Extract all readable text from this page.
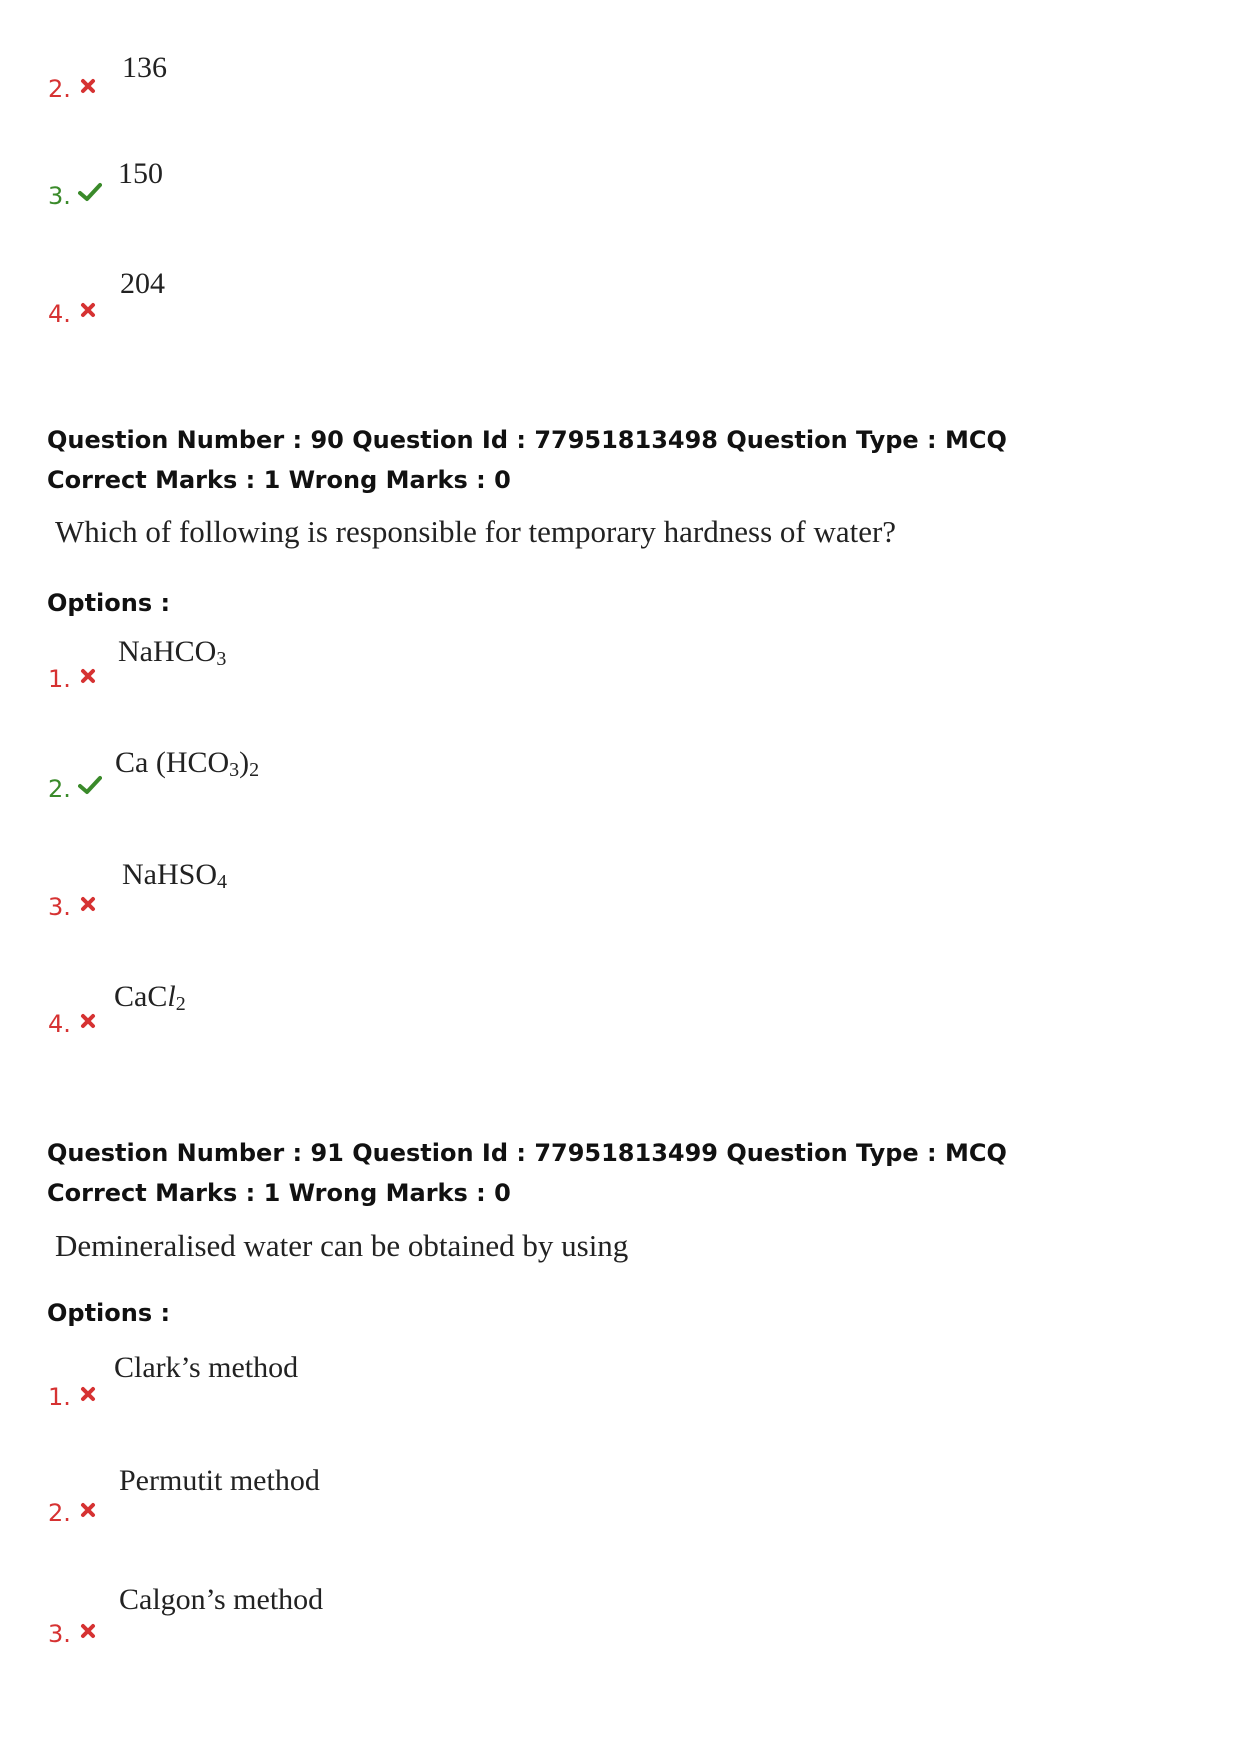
2.
136
3.
150
4.
204
Question Number : 90 Question Id : 77951813498 Question Type : MCQ
Correct Marks : 1 Wrong Marks : 0
Which of following is responsible for temporary hardness of water?
Options :
1.
NaHCO$_3$
2.
Ca $(HCO_3)_2$
3.
NaHSO$_4$
4.
CaCl$_2$
Question Number : 91 Question Id : 77951813499 Question Type : MCQ
Correct Marks : 1 Wrong Marks : 0
Demineralised water can be obtained by using
Options :
1.
Clark’s method
2.
Permutit method
3.
Calgon’s method
